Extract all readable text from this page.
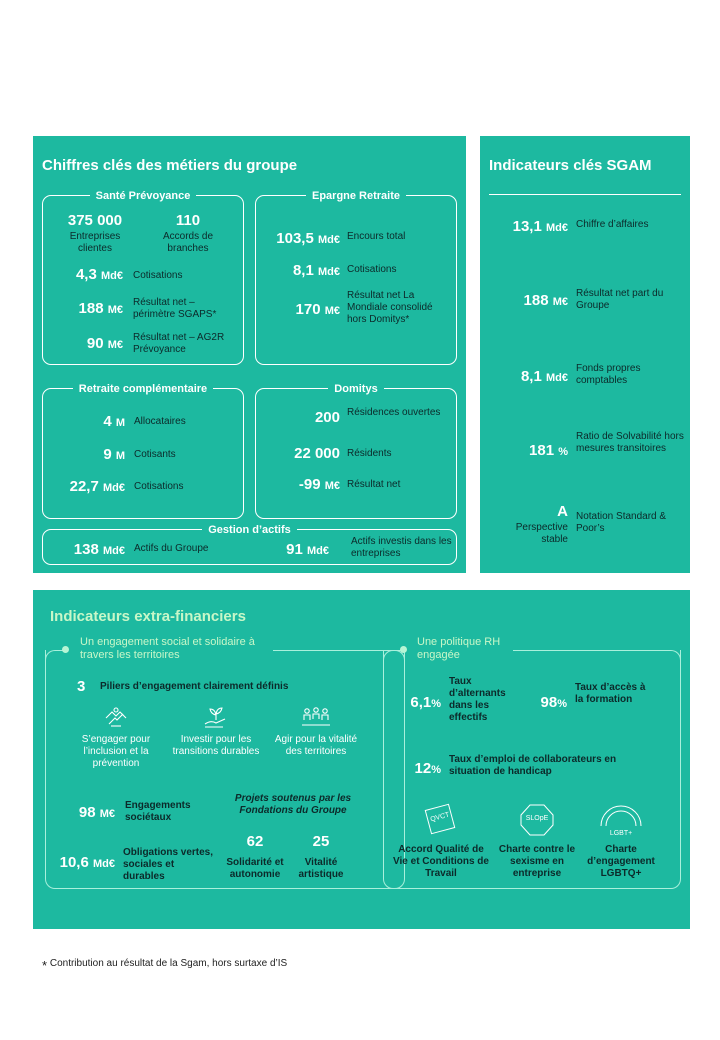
Chiffres clés des métiers du groupe
Santé Prévoyance
375 000
Entreprises clientes
110
Accords de branches
4,3 Md€ Cotisations
188 M€
Résultat net – périmètre SGAPS*
90 M€
Résultat net – AG2R Prévoyance
Epargne Retraite
103,5 Md€ Encours total
8,1 Md€ Cotisations
170 M€
Résultat net La Mondiale consolidé hors Domitys*
Retraite complémentaire
4 M Allocataires
9 M Cotisants
22,7 Md€ Cotisations
Domitys
200 Résidences ouvertes
22 000 Résidents
-99 M€ Résultat net
Gestion d’actifs
138 Md€ Actifs du Groupe	91 Md€
Actifs investis dans les entreprises
Indicateurs clés SGAM
13,1 Md€ Chiffre d’affaires
188 M€
Résultat net part du Groupe
8,1 Md€
Fonds propres comptables
181 %
Ratio de Solvabilité hors mesures transitoires
A
Perspective stable
Notation Standard & Poor’s
Indicateurs extra-financiers
Un engagement social et solidaire à travers les territoires
3 Piliers d’engagement clairement définis
S’engager pour l’inclusion et la prévention
Investir pour les transitions durables
Agir pour la vitalité des territoires
98 M€
Engagements sociétaux
10,6 Md€
Obligations vertes, sociales et durables
Projets soutenus par les Fondations du Groupe
62
Solidarité et autonomie
25
Vitalité artistique
Une politique RH engagée
6,1%
Taux d’alternants dans les effectifs
98%
Taux d’accès à la formation
12%
Taux d’emploi de collaborateurs en situation de handicap
QVCT
Accord Qualité de Vie et Conditions de Travail
SLOpE
Charte contre le sexisme en entreprise
LGBT+
Charte d’engagement LGBTQ+
* Contribution au résultat de la Sgam, hors surtaxe d’IS
